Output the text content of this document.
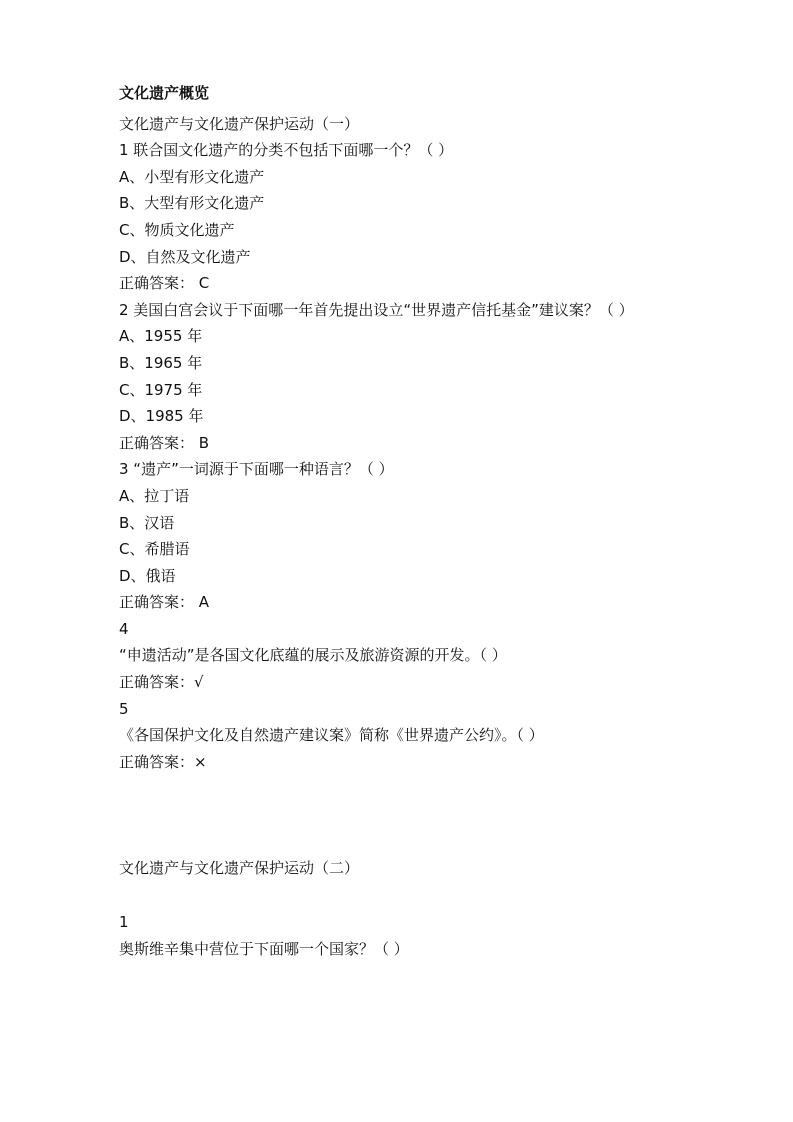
文化遗产概览
文化遗产与文化遗产保护运动（一）
1 联合国文化遗产的分类不包括下面哪一个？（ ）
A、小型有形文化遗产
B、大型有形文化遗产
C、物质文化遗产
D、自然及文化遗产
正确答案： C
2 美国白宫会议于下面哪一年首先提出设立“世界遗产信托基金”建议案？（ ）
A、1955 年
B、1965 年
C、1975 年
D、1985 年
正确答案： B
3 “遗产”一词源于下面哪一种语言？（ ）
A、拉丁语
B、汉语
C、希腊语
D、俄语
正确答案： A
4
“申遗活动”是各国文化底蕴的展示及旅游资源的开发。（ ）
正确答案：√
5
《各国保护文化及自然遗产建议案》简称《世界遗产公约》。（ ）
正确答案：×
文化遗产与文化遗产保护运动（二）
1
奥斯维辛集中营位于下面哪一个国家？（ ）
